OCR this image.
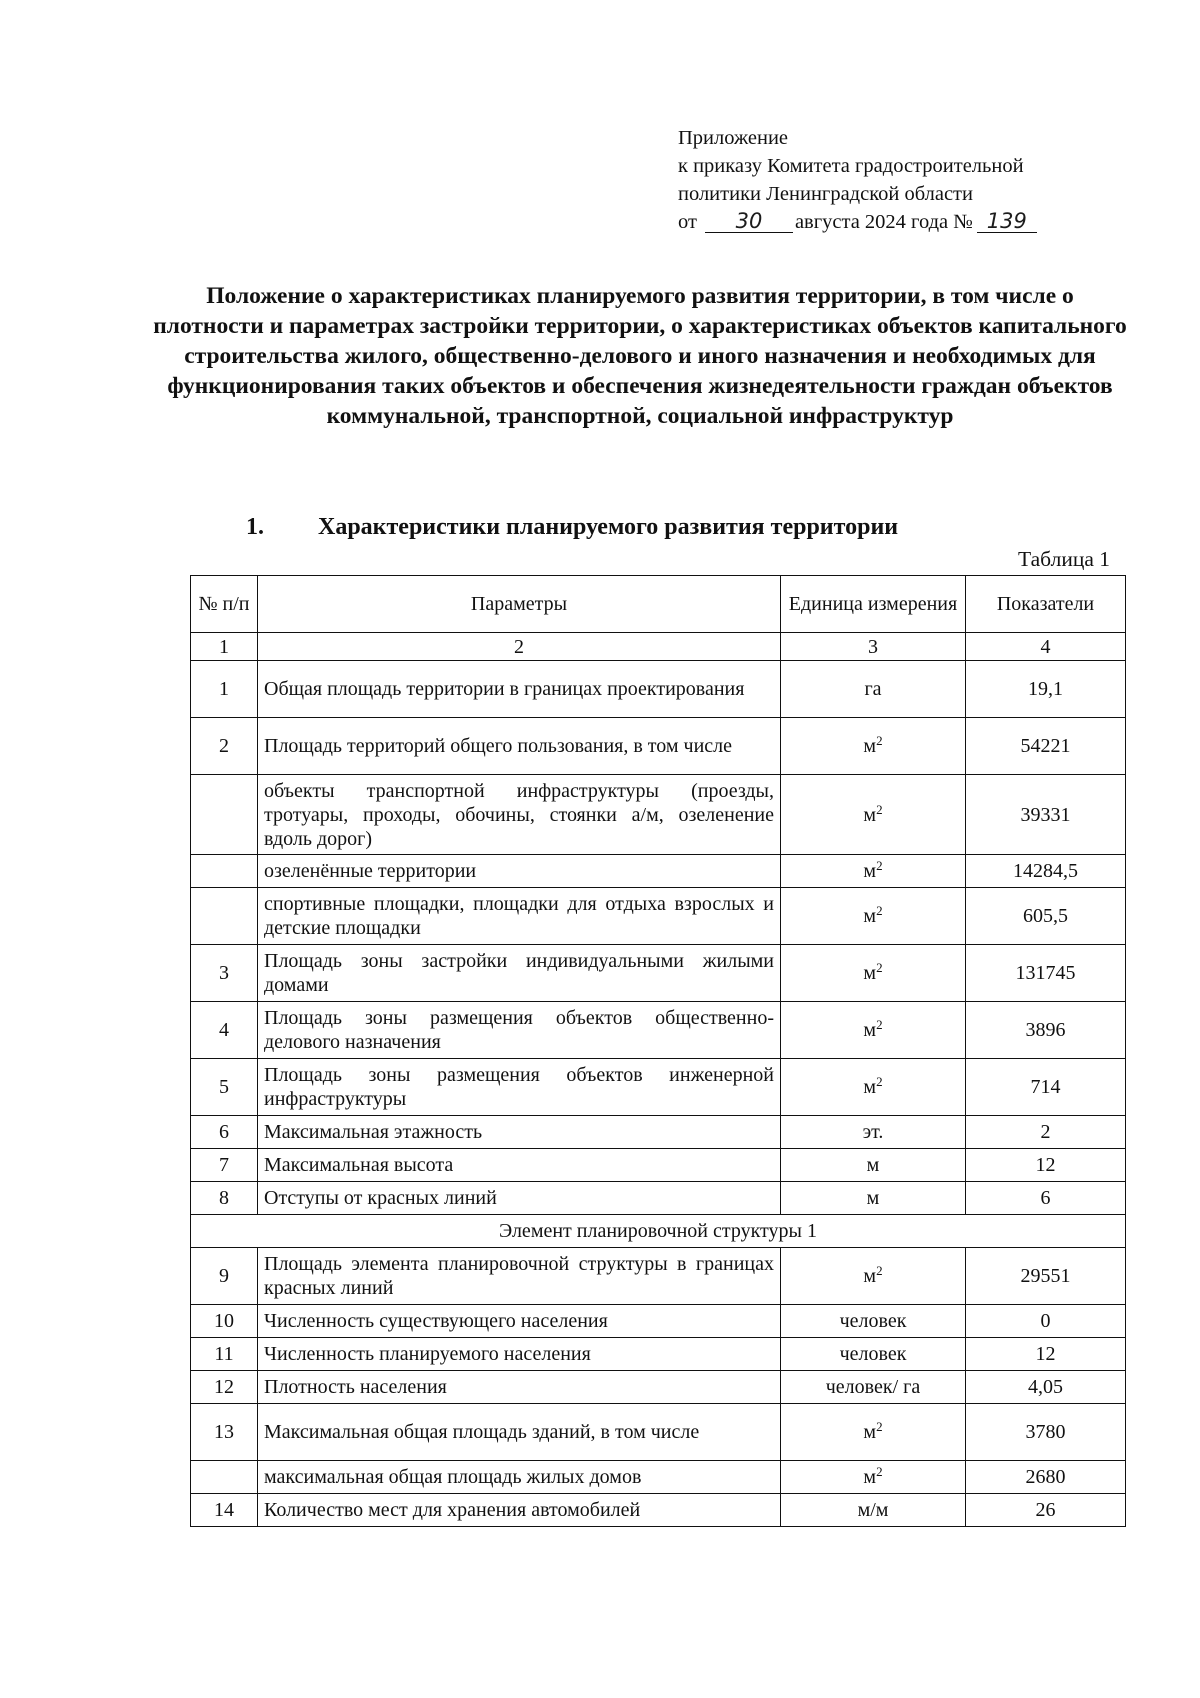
Приложение
к приказу Комитета градостроительной
политики Ленинградской области
от 30 августа 2024 года № 139
Положение о характеристиках планируемого развития территории, в том числе о плотности и параметрах застройки территории, о характеристиках объектов капитального строительства жилого, общественно-делового и иного назначения и необходимых для функционирования таких объектов и обеспечения жизнедеятельности граждан объектов коммунальной, транспортной, социальной инфраструктур
1. Характеристики планируемого развития территории
Таблица 1
№ п/п	Параметры	Единица измерения	Показатели
1	2	3	4
1	Общая площадь территории в границах проектирования	га	19,1
2	Площадь территорий общего пользования, в том числе	$м^2$	54221
	объекты транспортной инфраструктуры (проезды, тротуары, проходы, обочины, стоянки а/м, озеленение вдоль дорог)	$м^2$	39331
	озеленённые территории	$м^2$	14284,5
	спортивные площадки, площадки для отдыха взрослых и детские площадки	$м^2$	605,5
3	Площадь зоны застройки индивидуальными жилыми домами	$м^2$	131745
4	Площадь зоны размещения объектов общественно-делового назначения	$м^2$	3896
5	Площадь зоны размещения объектов инженерной инфраструктуры	$м^2$	714
6	Максимальная этажность	эт.	2
7	Максимальная высота	м	12
8	Отступы от красных линий	м	6
Элемент планировочной структуры 1			
9	Площадь элемента планировочной структуры в границах красных линий	$м^2$	29551
10	Численность существующего населения	человек	0
11	Численность планируемого населения	человек	12
12	Плотность населения	человек/ га	4,05
13	Максимальная общая площадь зданий, в том числе	$м^2$	3780
	максимальная общая площадь жилых домов	$м^2$	2680
14	Количество мест для хранения автомобилей	м/м	26
